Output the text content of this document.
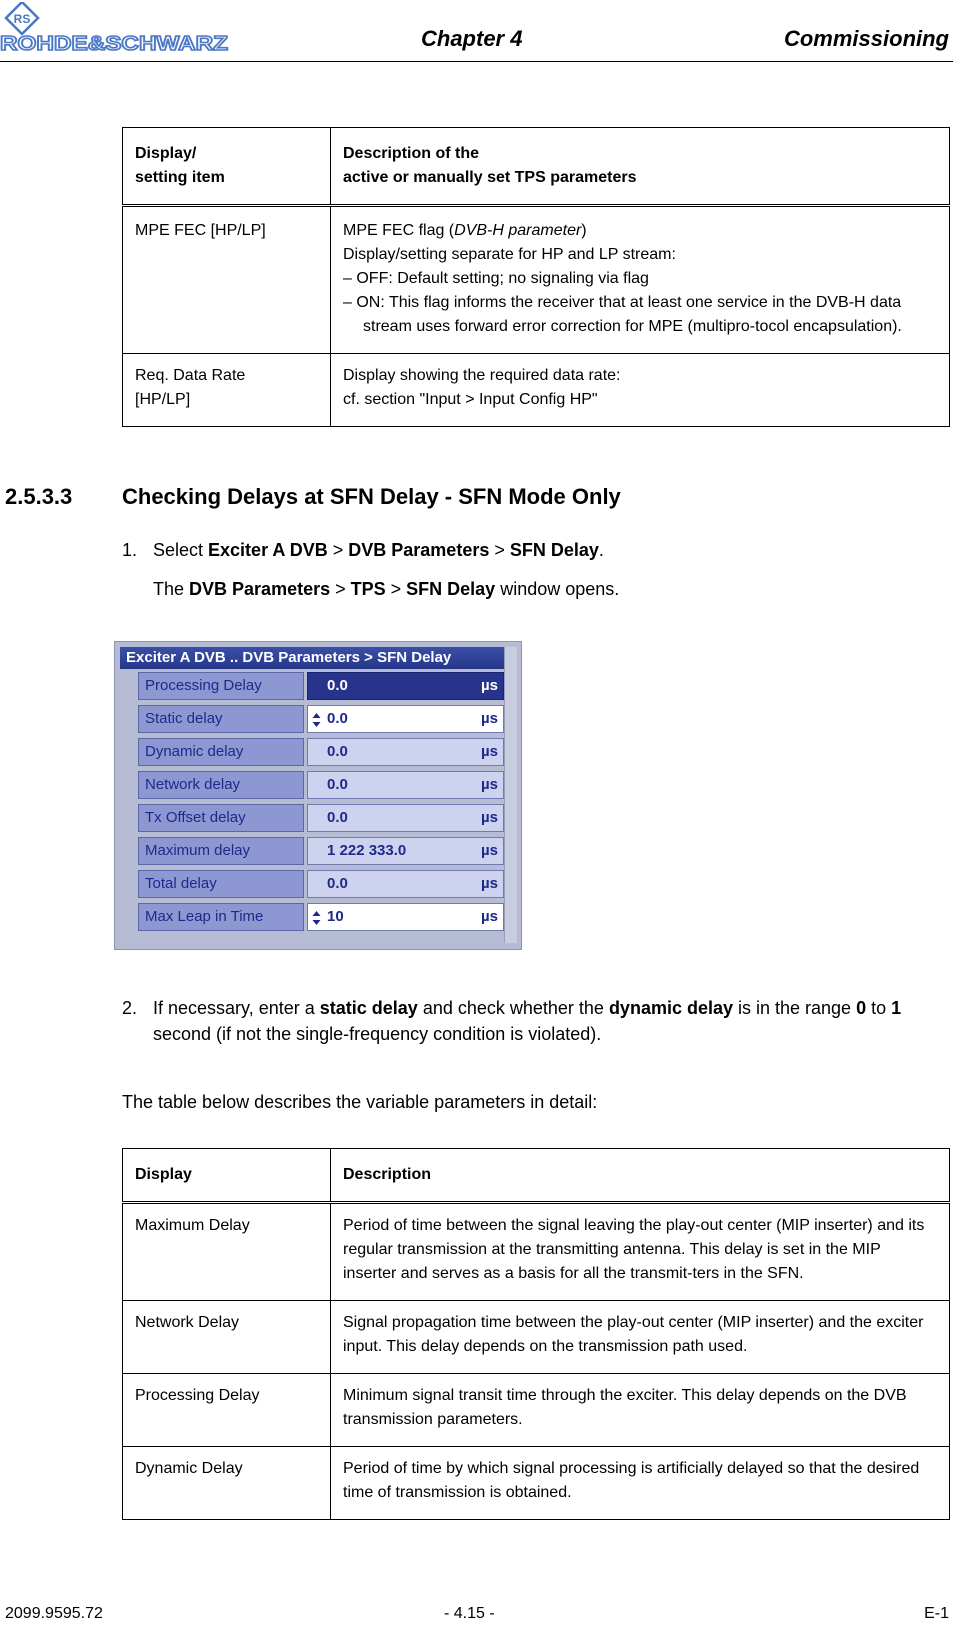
RS
ROHDE&SCHWARZ	Chapter 4	Commissioning
Display/
setting item	Description of the
active or manually set TPS parameters
MPE FEC [HP/LP]	MPE FEC flag (DVB-H parameter)
Display/setting separate for HP and LP stream:
– OFF: Default setting; no signaling via flag
– ON: This flag informs the receiver that at least one service in the DVB-H data stream uses forward error correction for MPE (multipro-tocol encapsulation).

Req. Data Rate
[HP/LP]	Display showing the required data rate:
cf. section "Input > Input Config HP"
2.5.3.3 Checking Delays at SFN Delay - SFN Mode Only
1. Select Exciter A DVB > DVB Parameters > SFN Delay.
The DVB Parameters > TPS > SFN Delay window opens.
Exciter A DVB .. DVB Parameters > SFN Delay
Processing Delay	0.0	µs
Static delay	0.0	µs
Dynamic delay	0.0	µs
Network delay	0.0	µs
Tx Offset delay	0.0	µs
Maximum delay	1 222 333.0	µs
Total delay	0.0	µs
Max Leap in Time	10	µs
2. If necessary, enter a static delay and check whether the dynamic delay is in the range 0 to 1 second (if not the single-frequency condition is violated).
The table below describes the variable parameters in detail:
Display	Description
Maximum Delay	Period of time between the signal leaving the play-out center (MIP inserter) and its regular transmission at the transmitting antenna. This delay is set in the MIP inserter and serves as a basis for all the transmit-ters in the SFN.
Network Delay	Signal propagation time between the play-out center (MIP inserter) and the exciter input. This delay depends on the transmission path used.
Processing Delay	Minimum signal transit time through the exciter. This delay depends on the DVB transmission parameters.
Dynamic Delay	Period of time by which signal processing is artificially delayed so that the desired time of transmission is obtained.
2099.9595.72	- 4.15 -	E-1
